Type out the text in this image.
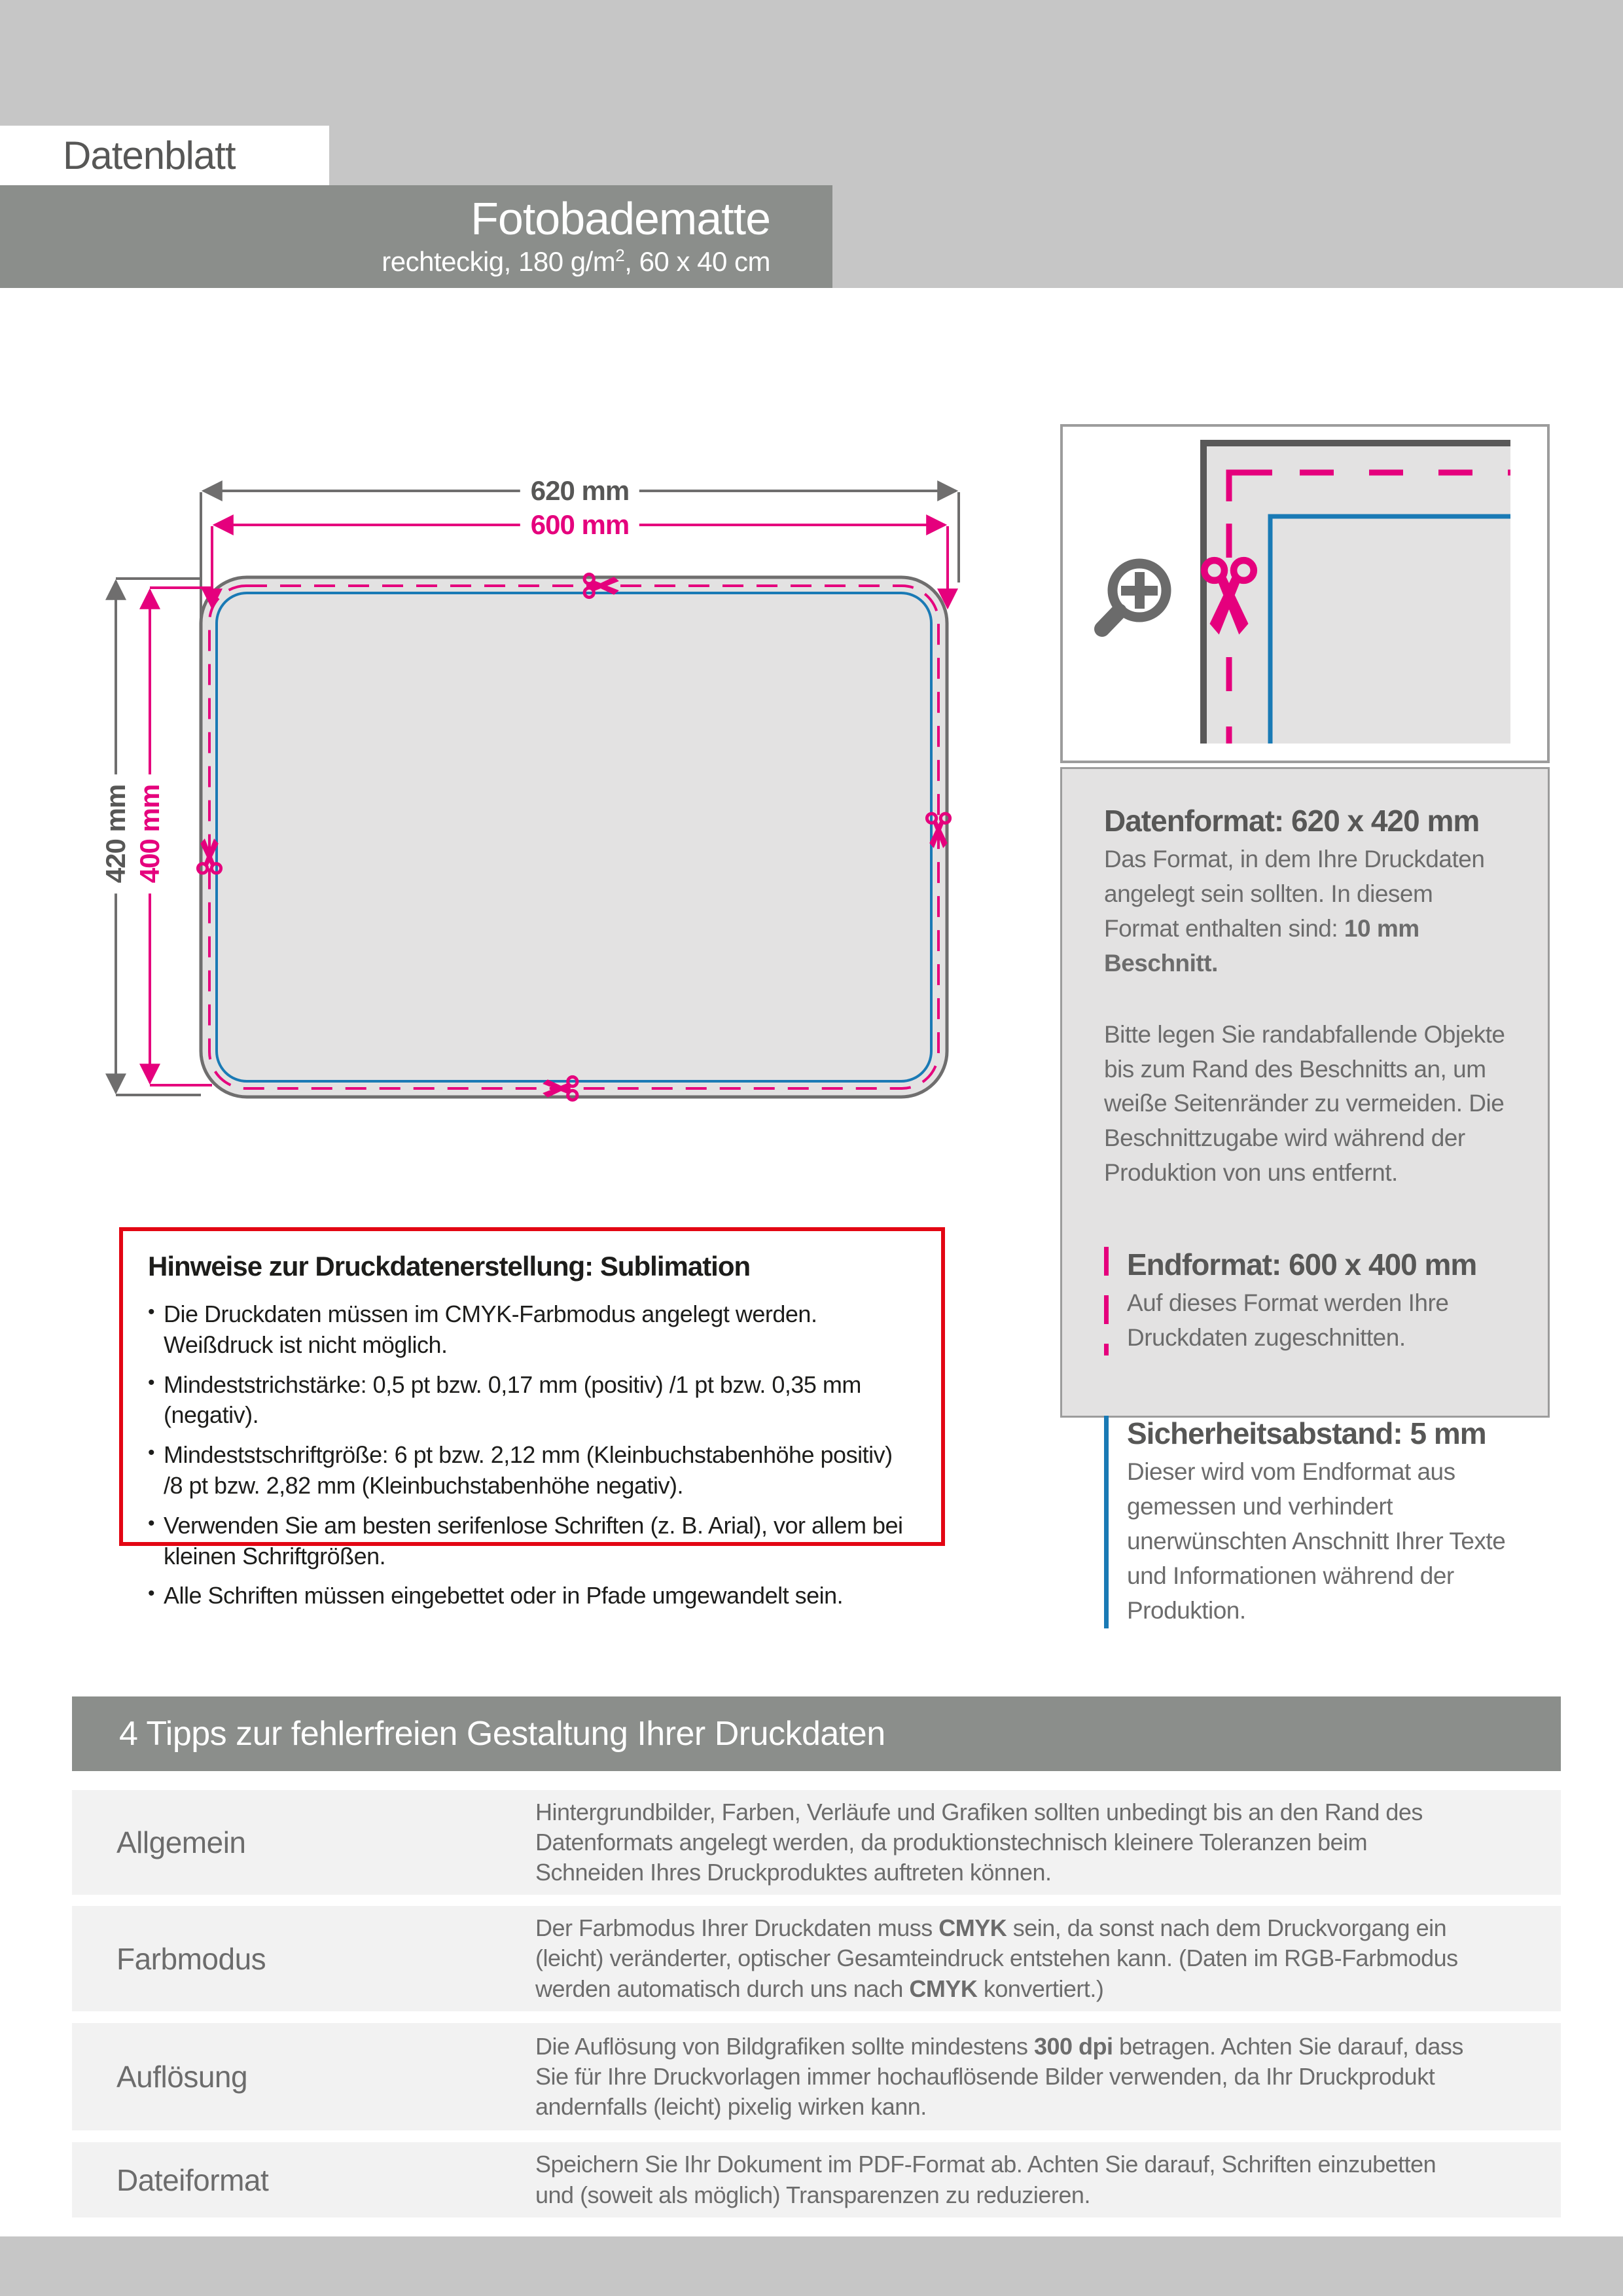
Datenblatt
Fotobadematte
rechteckig, 180 $g/m^2$, 60 x 40 cm
620 mm
600 mm
420 mm 400 mm	Datenformat: 620 x 420 mm

Das Format, in dem Ihre Druckdaten angelegt sein sollten. In diesem Format enthalten sind: 10 mm Beschnitt.

Bitte legen Sie randabfallende Objekte bis zum Rand des Beschnitts an, um weiße Seitenränder zu vermeiden. Die Beschnittzugabe wird während der Produktion von uns entfernt.

Endformat: 600 x 400 mm

Auf dieses Format werden Ihre Druckdaten zugeschnitten.

Sicherheitsabstand: 5 mm

Dieser wird vom Endformat aus gemessen und verhindert unerwünschten Anschnitt Ihrer Texte und Informationen während der Produktion.

Hinweise zur Druckdatenerstellung: Sublimation
• Die Druckdaten müssen im CMYK-Farbmodus angelegt werden. Weißdruck ist nicht möglich.
• Mindeststrichstärke: 0,5 pt bzw. 0,17 mm (positiv) /1 pt bzw. 0,35 mm (negativ).
• Mindeststschriftgröße: 6 pt bzw. 2,12 mm (Kleinbuchstabenhöhe positiv) /8 pt bzw. 2,82 mm (Kleinbuchstabenhöhe negativ).
• Verwenden Sie am besten serifenlose Schriften (z. B. Arial), vor allem bei kleinen Schriftgrößen.
• Alle Schriften müssen eingebettet oder in Pfade umgewandelt sein.
4 Tipps zur fehlerfreien Gestaltung Ihrer Druckdaten
Allgemein
Hintergrundbilder, Farben, Verläufe und Grafiken sollten unbedingt bis an den Rand des Datenformats angelegt werden, da produktionstechnisch kleinere Toleranzen beim Schneiden Ihres Druckproduktes auftreten können.
Farbmodus
Der Farbmodus Ihrer Druckdaten muss CMYK sein, da sonst nach dem Druckvorgang ein (leicht) veränderter, optischer Gesamteindruck entstehen kann. (Daten im RGB-Farbmodus werden automatisch durch uns nach CMYK konvertiert.)
Auflösung
Die Auflösung von Bildgrafiken sollte mindestens 300 dpi betragen. Achten Sie darauf, dass Sie für Ihre Druckvorlagen immer hochauflösende Bilder verwenden, da Ihr Druckprodukt andernfalls (leicht) pixelig wirken kann.
Dateiformat	Speichern Sie Ihr Dokument im PDF-Format ab. Achten Sie darauf, Schriften einzubetten und (soweit als möglich) Transparenzen zu reduzieren.
